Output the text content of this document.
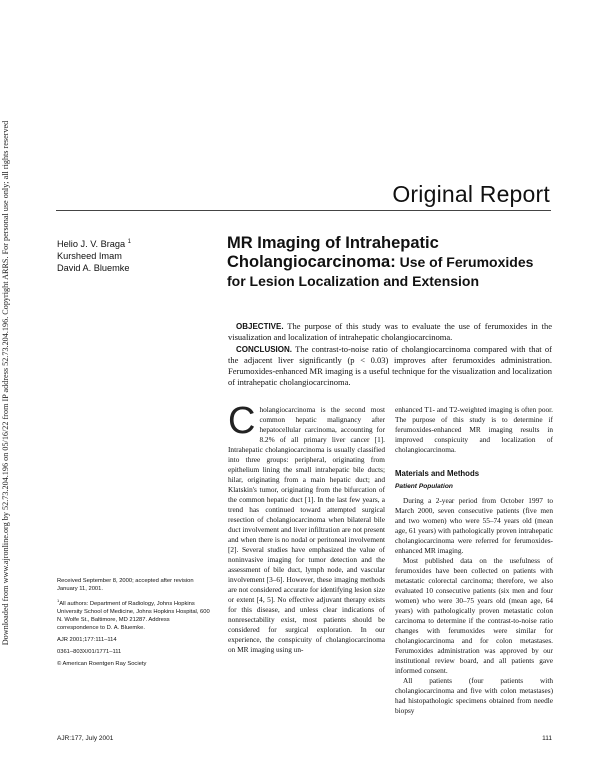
Downloaded from www.ajronline.org by 52.73.204.196 on 05/16/22 from IP address 52.73.204.196. Copyright ARRS. For personal use only; all rights reserved	Original Report
Helio J. V. Braga $^1$
Kursheed Imam
David A. Bluemke
MR Imaging of Intrahepatic Cholangiocarcinoma: Use of Ferumoxides for Lesion Localization and Extension

OBJECTIVE. The purpose of this study was to evaluate the use of ferumoxides in the visualization and localization of intrahepatic cholangiocarcinoma.

CONCLUSION. The contrast-to-noise ratio of cholangiocarcinoma compared with that of the adjacent liver significantly (p < 0.03) improves after ferumoxides administration. Ferumoxides-enhanced MR imaging is a useful technique for the visualization and localization of intrahepatic cholangiocarcinoma.

Received September 8, 2000; accepted after revision January 11, 2001.

$^1$All authors: Department of Radiology, Johns Hopkins University School of Medicine, Johns Hopkins Hospital, 600 N. Wolfe St., Baltimore, MD 21287. Address correspondence to D. A. Bluemke.

AJR 2001;177:111–114

0361–803X/01/1771–111

© American Roentgen Ray Society

Cholangiocarcinoma is the second most common hepatic malignancy after hepatocellular carcinoma, accounting for 8.2% of all primary liver cancer [1]. Intrahepatic cholangiocarcinoma is usually classified into three groups: peripheral, originating from epithelium lining the small intrahepatic bile ducts; hilar, originating from a main hepatic duct; and Klatskin's tumor, originating from the bifurcation of the common hepatic duct [1]. In the last few years, a trend has continued toward attempted surgical resection of cholangiocarcinoma when bilateral bile duct involvement and liver infiltration are not present and when there is no nodal or peritoneal involvement [2]. Several studies have emphasized the value of noninvasive imaging for tumor detection and the assessment of bile duct, lymph node, and vascular involvement [3–6]. However, these imaging methods are not considered accurate for identifying lesion size or extent [4, 5]. No effective adjuvant therapy exists for this disease, and unless clear indications of nonresectability exist, most patients should be considered for surgical exploration. In our experience, the conspicuity of cholangiocarcinoma on MR imaging using un-

enhanced T1- and T2-weighted imaging is often poor. The purpose of this study is to determine if ferumoxides-enhanced MR imaging results in improved conspicuity and localization of cholangiocarcinoma.

Materials and Methods
Patient Population

During a 2-year period from October 1997 to March 2000, seven consecutive patients (five men and two women) who were 55–74 years old (mean age, 61 years) with pathologically proven intrahepatic cholangiocarcinoma were referred for ferumoxides-enhanced MR imaging.

Most published data on the usefulness of ferumoxides have been collected on patients with metastatic colorectal carcinoma; therefore, we also evaluated 10 consecutive patients (six men and four women) who were 30–75 years old (mean age, 64 years) with pathologically proven metastatic colon carcinoma to determine if the contrast-to-noise ratio changes with ferumoxides were similar for cholangiocarcinoma and for colon metastases. Ferumoxides administration was approved by our institutional review board, and all patients gave informed consent.

All patients (four patients with cholangiocarcinoma and five with colon metastases) had histopathologic specimens obtained from needle biopsy

AJR:177, July 2001	111
